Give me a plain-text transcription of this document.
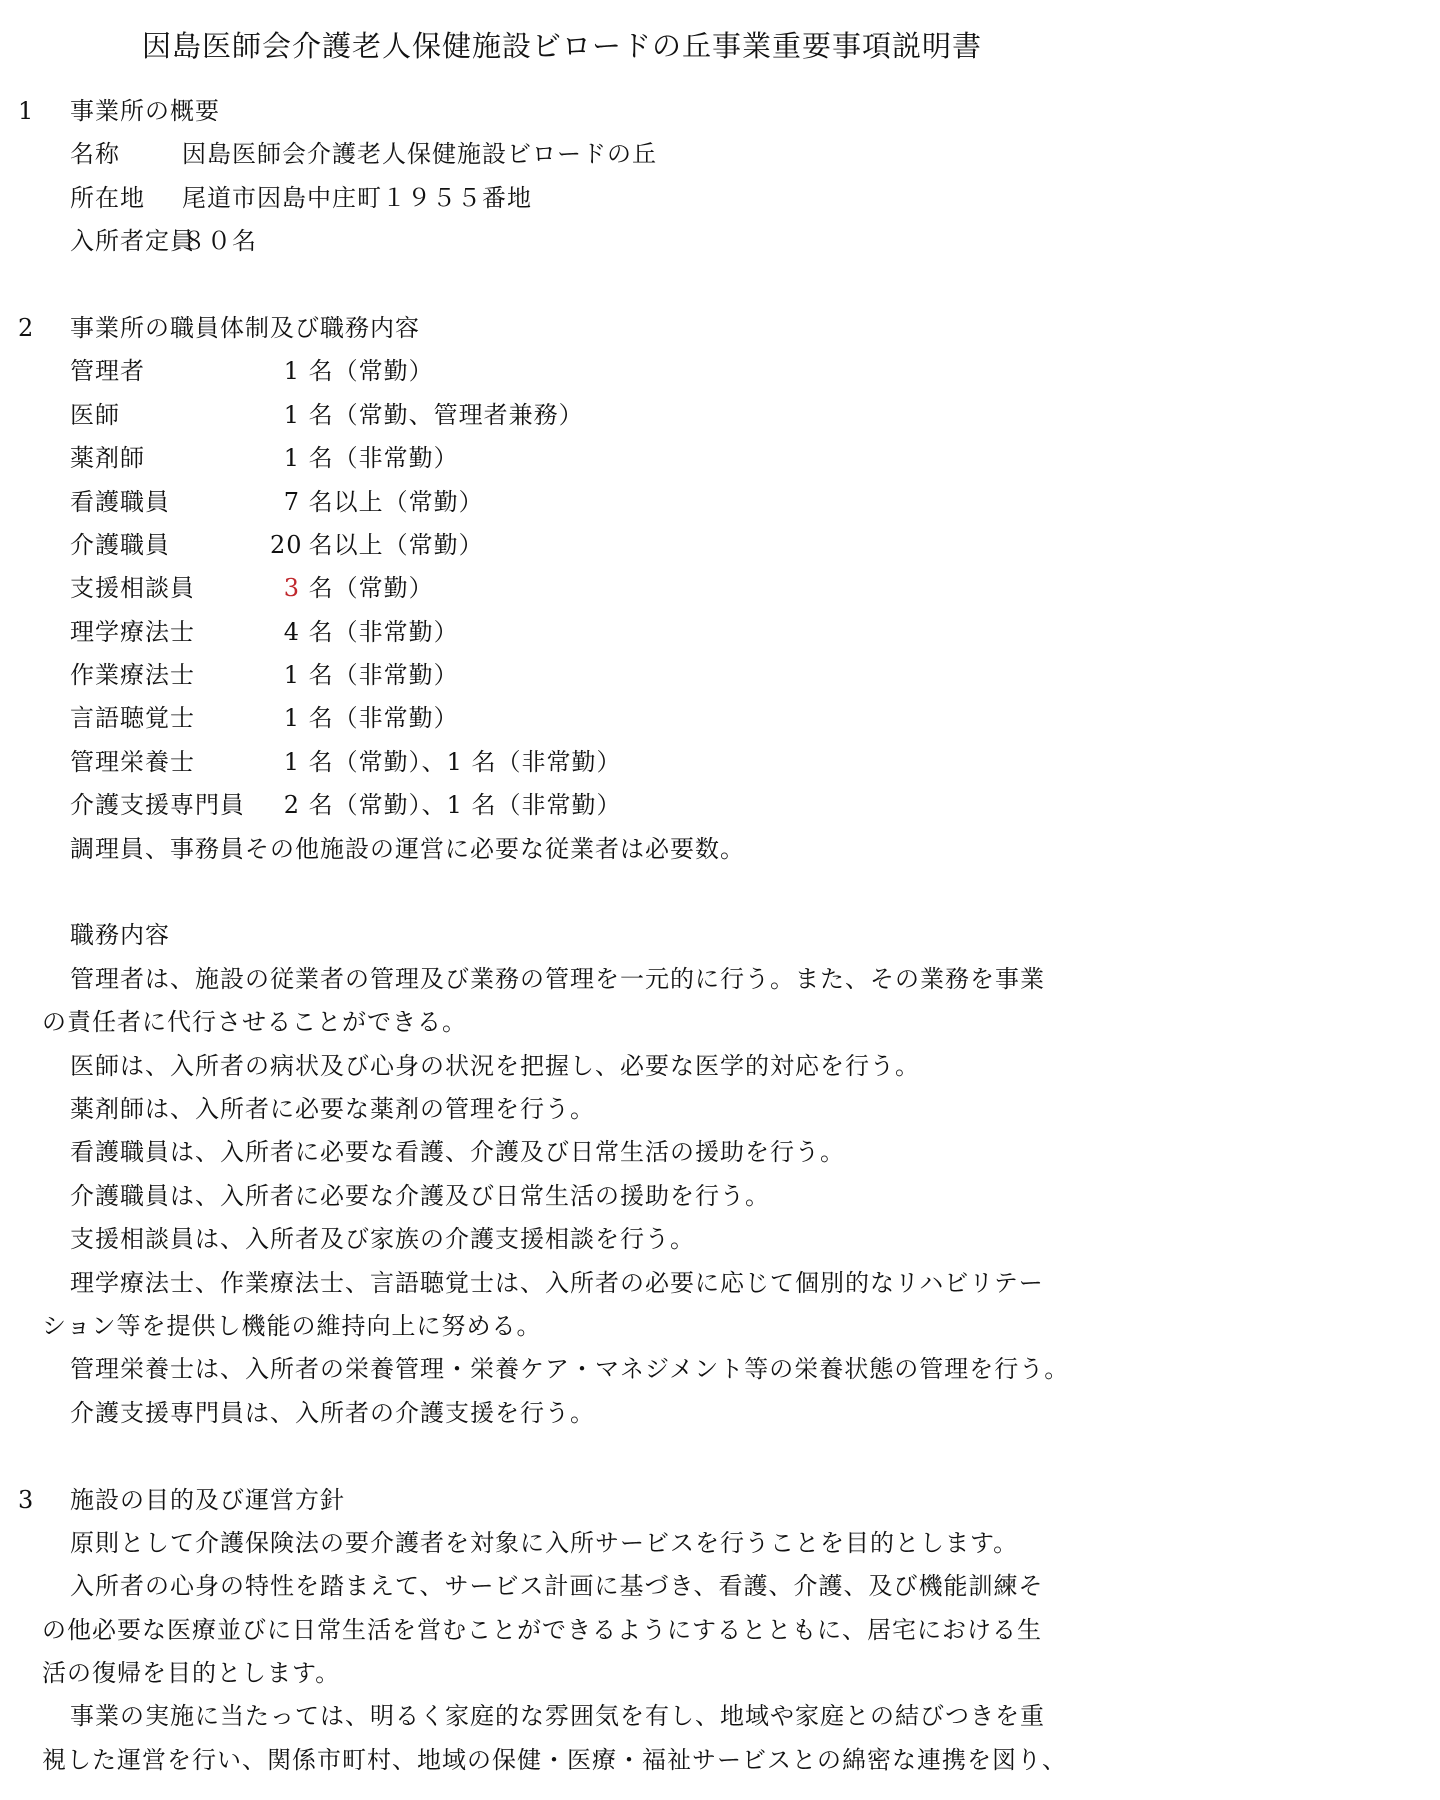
因島医師会介護老人保健施設ビロードの丘事業重要事項説明書
1 事業所の概要
名称	因島医師会介護老人保健施設ビロードの丘
所在地 尾道市因島中庄町１９５５番地
入所者定員８０名
2 事業所の職員体制及び職務内容
管理者	1 名（常勤）
医師	1 名（常勤、管理者兼務）
薬剤師	1 名（非常勤）
看護職員	7 名以上（常勤）
介護職員	20 名以上（常勤）
支援相談員	3 名（常勤）
理学療法士	4 名（非常勤）
作業療法士	1 名（非常勤）
言語聴覚士	1 名（非常勤）
管理栄養士	1 名（常勤）、1 名（非常勤）
介護支援専門員 2 名（常勤）、1 名（非常勤）
調理員、事務員その他施設の運営に必要な従業者は必要数。
職務内容
管理者は、施設の従業者の管理及び業務の管理を一元的に行う。また、その業務を事業
の責任者に代行させることができる。
医師は、入所者の病状及び心身の状況を把握し、必要な医学的対応を行う。
薬剤師は、入所者に必要な薬剤の管理を行う。
看護職員は、入所者に必要な看護、介護及び日常生活の援助を行う。
介護職員は、入所者に必要な介護及び日常生活の援助を行う。
支援相談員は、入所者及び家族の介護支援相談を行う。
理学療法士、作業療法士、言語聴覚士は、入所者の必要に応じて個別的なリハビリテー
ション等を提供し機能の維持向上に努める。
管理栄養士は、入所者の栄養管理・栄養ケア・マネジメント等の栄養状態の管理を行う。
介護支援専門員は、入所者の介護支援を行う。
3 施設の目的及び運営方針
原則として介護保険法の要介護者を対象に入所サービスを行うことを目的とします。
入所者の心身の特性を踏まえて、サービス計画に基づき、看護、介護、及び機能訓練そ
の他必要な医療並びに日常生活を営むことができるようにするとともに、居宅における生
活の復帰を目的とします。
事業の実施に当たっては、明るく家庭的な雰囲気を有し、地域や家庭との結びつきを重
視した運営を行い、関係市町村、地域の保健・医療・福祉サービスとの綿密な連携を図り、
